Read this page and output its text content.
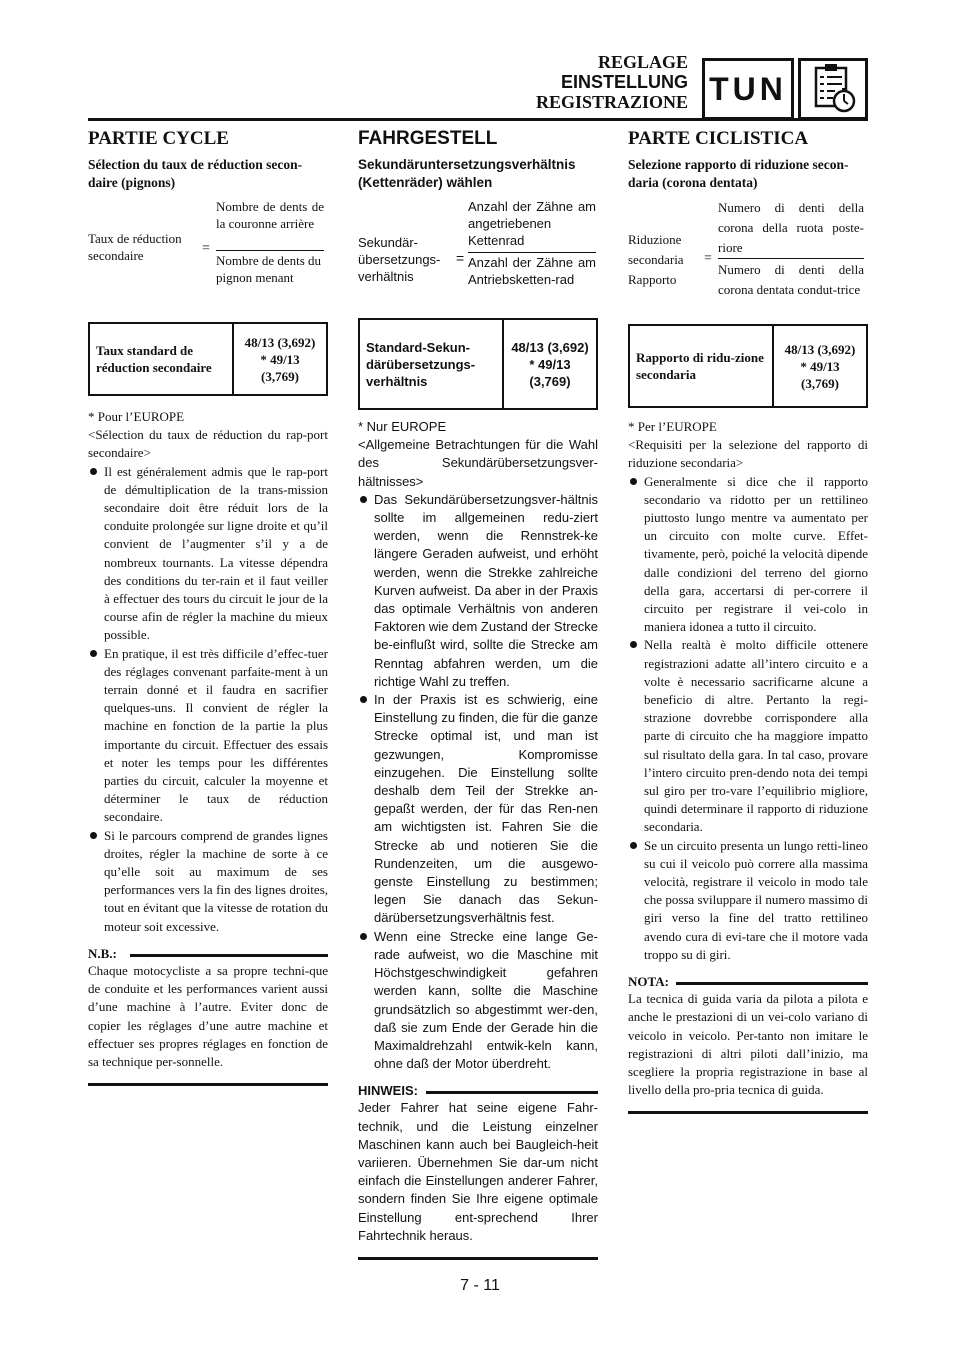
REGLAGE
EINSTELLUNG
REGISTRAZIONE TUN
PARTIE CYCLE
Sélection du taux de réduction secon-daire (pignons)
Taux de réduction secondaire	=
Nombre de dents de la couronne arrière
Nombre de dents du pignon menant
Taux standard de réduction secondaire	
48/13 (3,692)
* 49/13
(3,769)

* Pour l’EUROPE

<Sélection du taux de réduction du rap-port secondaire>

Il est généralement admis que le rap-port de démultiplication de la trans-mission secondaire doit être réduit lors de la conduite prolongée sur ligne droite et qu’il convient de l’augmenter s’il y a de nombreux tournants. La vitesse dépendra des conditions du ter-rain et il faut veiller à effectuer des tours du circuit le jour de la course afin de régler la machine du mieux possible.
En pratique, il est très difficile d’effec-tuer des réglages convenant parfaite-ment à un terrain donné et il faudra en sacrifier quelques-uns. Il convient de régler la machine en fonction de la partie la plus importante du circuit. Effectuer des essais et noter les temps pour les différentes parties du circuit, calculer la moyenne et déterminer le taux de réduction secondaire.
Si le parcours comprend de grandes lignes droites, régler la machine de sorte à ce qu’elle soit au maximum de ses performances vers la fin des lignes droites, tout en évitant que la vitesse de rotation du moteur soit excessive.
N.B.:

Chaque motocycliste a sa propre techni-que de conduite et les performances varient aussi d’une machine à l’autre. Eviter donc de copier les réglages d’une autre machine et effectuer ses propres réglages en fonction de sa technique per-sonnelle.

FAHRGESTELL
Sekundäruntersetzungsverhältnis (Kettenräder) wählen
Sekundär-übersetzungs-verhältnis
=
Anzahl der Zähne am angetriebenen Kettenrad
Anzahl der Zähne am Antriebsketten-rad
Standard-Sekun-därübersetzungs-verhältnis	
48/13 (3,692)
* 49/13
(3,769)

* Nur EUROPE

<Allgemeine Betrachtungen für die Wahl des Sekundärübersetzungsver-hältnisses>

Das Sekundärübersetzungsver-hältnis sollte im allgemeinen redu-ziert werden, wenn die Rennstrek-ke längere Geraden aufweist, und erhöht werden, wenn die Strekke zahlreiche Kurven aufweist. Da aber in der Praxis das optimale Verhältnis von anderen Faktoren wie dem Zustand der Strecke be-einflußt wird, sollte die Strecke am Renntag abfahren werden, um die richtige Wahl zu treffen.
In der Praxis ist es schwierig, eine Einstellung zu finden, die für die ganze Strecke optimal ist, und man ist gezwungen, Kompromisse einzugehen. Die Einstellung sollte deshalb dem Teil der Strekke an-gepaßt werden, der für das Ren-nen am wichtigsten ist. Fahren Sie die Strecke ab und notieren Sie die Rundenzeiten, um die ausgewo-genste Einstellung zu bestimmen; legen Sie danach das Sekun-därübersetzungsverhältnis fest.
Wenn eine Strecke eine lange Ge-rade aufweist, wo die Maschine mit Höchstgeschwindigkeit gefahren werden kann, sollte die Maschine grundsätzlich so abgestimmt wer-den, daß sie zum Ende der Gerade hin die Maximaldrehzahl entwik-keln kann, ohne daß der Motor überdreht.
HINWEIS:

Jeder Fahrer hat seine eigene Fahr-technik, und die Leistung einzelner Maschinen kann auch bei Baugleich-heit variieren. Übernehmen Sie dar-um nicht einfach die Einstellungen anderer Fahrer, sondern finden Sie Ihre eigene optimale Einstellung ent-sprechend Ihrer Fahrtechnik heraus.

PARTE CICLISTICA
Selezione rapporto di riduzione secon-daria (corona dentata)
Riduzione secondaria Rapporto
=
Numero di denti della corona della ruota poste-riore
Numero di denti della corona dentata condut-trice
Rapporto di ridu-zione secondaria	
48/13 (3,692)
* 49/13
(3,769)

* Per l’EUROPE

<Requisiti per la selezione del rapporto di riduzione secondaria>

Generalmente si dice che il rapporto secondario va ridotto per un rettilineo piuttosto lungo mentre va aumentato per un circuito con molte curve. Effet-tivamente, però, poiché la velocità dipende dalle condizioni del terreno del giorno della gara, accertarsi di per-correre il circuito per registrare il vei-colo in maniera idonea a tutto il circuito.
Nella realtà è molto difficile ottenere registrazioni adatte all’intero circuito e a volte è necessario sacrificarne alcune a beneficio di altre. Pertanto la regi-strazione dovrebbe corrispondere alla parte di circuito che ha maggiore impatto sul risultato della gara. In tal caso, provare l’intero circuito pren-dendo nota dei tempi sul giro per tro-vare l’equilibrio migliore, quindi determinare il rapporto di riduzione secondaria.
Se un circuito presenta un lungo retti-lineo su cui il veicolo può correre alla massima velocità, registrare il veicolo in modo tale che possa sviluppare il numero massimo di giri verso la fine del tratto rettilineo avendo cura di evi-tare che il motore vada troppo su di giri.
NOTA:

La tecnica di guida varia da pilota a pilota e anche le prestazioni di un vei-colo variano di veicolo in veicolo. Per-tanto non imitare le registrazioni di altri piloti dall’inizio, ma scegliere la propria registrazione in base al livello della pro-pria tecnica di guida.

7 - 11
